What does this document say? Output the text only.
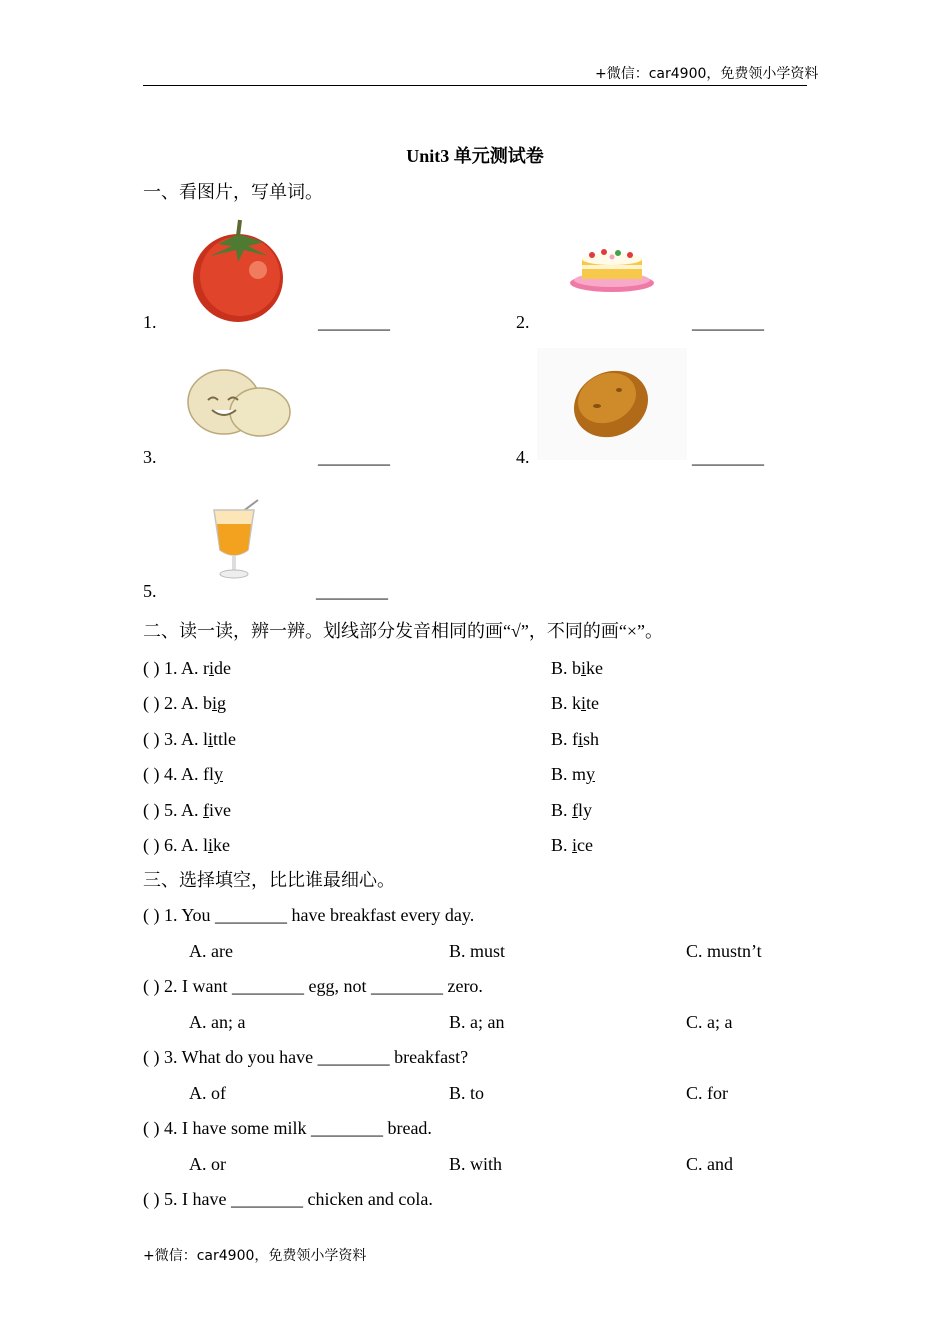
+微信：car4900，免费领小学资料
Unit3 单元测试卷
一、看图片，写单词。
1.	________	2.	________
3.	________	4.	________
5.	________
二、读一读，辨一辨。划线部分发音相同的画“√”，不同的画“×”。
( ) 1. A. ride	B. bike
( ) 2. A. big	B. kite
( ) 3. A. little	B. fish
( ) 4. A. fly	B. my
( ) 5. A. five	B. fly
( ) 6. A. like	B. ice
三、选择填空，比比谁最细心。
( ) 1. You ________ have breakfast every day.
A. are	B. must	C. mustn’t
( ) 2. I want ________ egg, not ________ zero.
A. an; a	B. a; an	C. a; a
( ) 3. What do you have ________ breakfast?
A. of	B. to	C. for
( ) 4. I have some milk ________ bread.
A. or	B. with	C. and
( ) 5. I have ________ chicken and cola.
+微信：car4900，免费领小学资料
